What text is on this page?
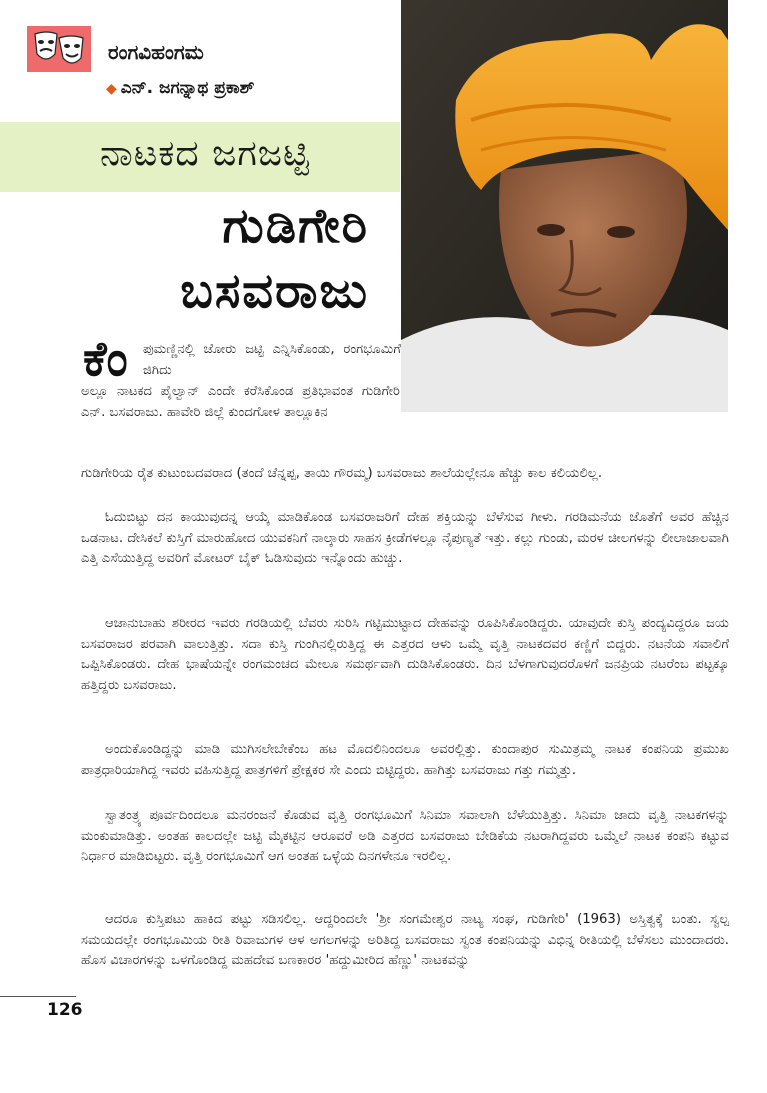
ರಂಗವಿಹಂಗಮ
◆ ಎನ್. ಜಗನ್ನಾಥ ಪ್ರಕಾಶ್
ನಾಟಕದ ಜಗಜಟ್ಟಿ
ಗುಡಿಗೇರಿ
ಬಸವರಾಜು
ಕೆಂ ಪುಮಣ್ಣಿನಲ್ಲಿ ಜೋರು ಜಟ್ಟಿ ಎನ್ನಿಸಿಕೊಂಡು, ರಂಗಭೂಮಿಗೆ ಜಿಗಿದು
ಅಲ್ಲೂ ನಾಟಕದ ಪೈಲ್ವಾನ್ ಎಂದೇ ಕರೆಸಿಕೊಂಡ ಪ್ರತಿಭಾವಂತ ಗುಡಿಗೇರಿ ಎನ್. ಬಸವರಾಜು. ಹಾವೇರಿ ಜಿಲ್ಲೆ ಕುಂದಗೋಳ ತಾಲ್ಲೂಕಿನ
ಗುಡಿಗೇರಿಯ ರೈತ ಕುಟುಂಬದವರಾದ (ತಂದೆ ಚೆನ್ನಪ್ಪ, ತಾಯಿ ಗೌರಮ್ಮ) ಬಸವರಾಜು ಶಾಲೆಯಲ್ಲೇನೂ ಹೆಚ್ಚು ಕಾಲ ಕಲಿಯಲಿಲ್ಲ.
ಓದುಬಿಟ್ಟು ದನ ಕಾಯುವುದನ್ನ ಆಯ್ಕೆ ಮಾಡಿಕೊಂಡ ಬಸವರಾಜರಿಗೆ ದೇಹ ಶಕ್ತಿಯನ್ನು ಬೆಳೆಸುವ ಗೀಳು. ಗರಡಿಮನೆಯ ಜೊತೆಗೆ ಅವರ ಹೆಚ್ಚಿನ ಒಡನಾಟ. ದೇಸಿಕಲೆ ಕುಸ್ತಿಗೆ ಮಾರುಹೋದ ಯುವಕನಿಗೆ ನಾಲ್ಕಾರು ಸಾಹಸ ಕ್ರೀಡೆಗಳಲ್ಲೂ ನೈಪುಣ್ಯತೆ ಇತ್ತು. ಕಲ್ಲು ಗುಂಡು, ಮರಳ ಚೀಲಗಳನ್ನು ಲೀಲಾಜಾಲವಾಗಿ ಎತ್ತಿ ಎಸೆಯುತ್ತಿದ್ದ ಅವರಿಗೆ ಮೋಟರ್ ಬೈಕ್ ಓಡಿಸುವುದು ಇನ್ನೊಂದು ಹುಚ್ಚು.
ಆಜಾನುಬಾಹು ಶರೀರದ ಇವರು ಗರಡಿಯಲ್ಲಿ ಬೆವರು ಸುರಿಸಿ ಗಟ್ಟಿಮುಟ್ಟಾದ ದೇಹವನ್ನು ರೂಪಿಸಿಕೊಂಡಿದ್ದರು. ಯಾವುದೇ ಕುಸ್ತಿ ಪಂದ್ಯವಿದ್ದರೂ ಜಯ ಬಸವರಾಜರ ಪರವಾಗಿ ವಾಲುತ್ತಿತ್ತು. ಸದಾ ಕುಸ್ತಿ ಗುಂಗಿನಲ್ಲಿರುತ್ತಿದ್ದ ಈ ಎತ್ತರದ ಆಳು ಒಮ್ಮೆ ವೃತ್ತಿ ನಾಟಕದವರ ಕಣ್ಣಿಗೆ ಬಿದ್ದರು. ನಟನೆಯ ಸವಾಲಿಗೆ ಒಪ್ಪಿಸಿಕೊಂಡರು. ದೇಹ ಭಾಷೆಯನ್ನೇ ರಂಗಮಂಚದ ಮೇಲೂ ಸಮರ್ಥವಾಗಿ ದುಡಿಸಿಕೊಂಡರು. ದಿನ ಬೆಳಗಾಗುವುದರೊಳಗೆ ಜನಪ್ರಿಯ ನಟರೆಂಬ ಪಟ್ಟಕ್ಕೂ ಹತ್ತಿದ್ದರು ಬಸವರಾಜು.
ಅಂದುಕೊಂಡಿದ್ದನ್ನು ಮಾಡಿ ಮುಗಿಸಲೇಬೇಕೆಂಬ ಹಟ ಮೊದಲಿನಿಂದಲೂ ಅವರಲ್ಲಿತ್ತು. ಕುಂದಾಪುರ ಸುಮಿತ್ರಮ್ಮ ನಾಟಕ ಕಂಪನಿಯ ಪ್ರಮುಖ ಪಾತ್ರಧಾರಿಯಾಗಿದ್ದ ಇವರು ವಹಿಸುತ್ತಿದ್ದ ಪಾತ್ರಗಳಿಗೆ ಪ್ರೇಕ್ಷಕರ ಸೇ ಎಂದು ಬಿಟ್ಟಿದ್ದರು. ಹಾಗಿತ್ತು ಬಸವರಾಜು ಗತ್ತು ಗಮ್ಮತ್ತು.
ಸ್ವಾತಂತ್ರ್ಯ ಪೂರ್ವದಿಂದಲೂ ಮನರಂಜನೆ ಕೊಡುವ ವೃತ್ತಿ ರಂಗಭೂಮಿಗೆ ಸಿನಿಮಾ ಸವಾಲಾಗಿ ಬೆಳೆಯುತ್ತಿತ್ತು. ಸಿನಿಮಾ ಜಾದು ವೃತ್ತಿ ನಾಟಕಗಳನ್ನು ಮಂಕುಮಾಡಿತ್ತು. ಅಂತಹ ಕಾಲದಲ್ಲೇ ಜಟ್ಟಿ ಮೈಕಟ್ಟಿನ ಆರೂವರೆ ಅಡಿ ಎತ್ತರದ ಬಸವರಾಜು ಬೇಡಿಕೆಯ ನಟರಾಗಿದ್ದವರು ಒಮ್ಮೆಲೆ ನಾಟಕ ಕಂಪನಿ ಕಟ್ಟುವ ನಿರ್ಧಾರ ಮಾಡಿಬಿಟ್ಟರು. ವೃತ್ತಿ ರಂಗಭೂಮಿಗೆ ಆಗ ಅಂತಹ ಒಳ್ಳೆಯ ದಿನಗಳೇನೂ ಇರಲಿಲ್ಲ.
ಆದರೂ ಕುಸ್ತಿಪಟು ಹಾಕಿದ ಪಟ್ಟು ಸಡಿಸಲಿಲ್ಲ. ಆದ್ದರಿಂದಲೇ 'ಶ್ರೀ ಸಂಗಮೇಶ್ವರ ನಾಟ್ಯ ಸಂಘ, ಗುಡಿಗೇರಿ' (1963) ಅಸ್ತಿತ್ವಕ್ಕೆ ಬಂತು. ಸ್ವಲ್ಪ ಸಮಯದಲ್ಲೇ ರಂಗಭೂಮಿಯ ರೀತಿ ರಿವಾಜುಗಳ ಆಳ ಅಗಲಗಳನ್ನು ಅರಿತಿದ್ದ ಬಸವರಾಜು ಸ್ವಂತ ಕಂಪನಿಯನ್ನು ವಿಭಿನ್ನ ರೀತಿಯಲ್ಲಿ ಬೆಳೆಸಲು ಮುಂದಾದರು. ಹೊಸ ವಿಚಾರಗಳನ್ನು ಒಳಗೊಂಡಿದ್ದ ಮಹದೇವ ಬಣಕಾರರ 'ಹದ್ದುಮೀರಿದ ಹೆಣ್ಣು' ನಾಟಕವನ್ನು
126
